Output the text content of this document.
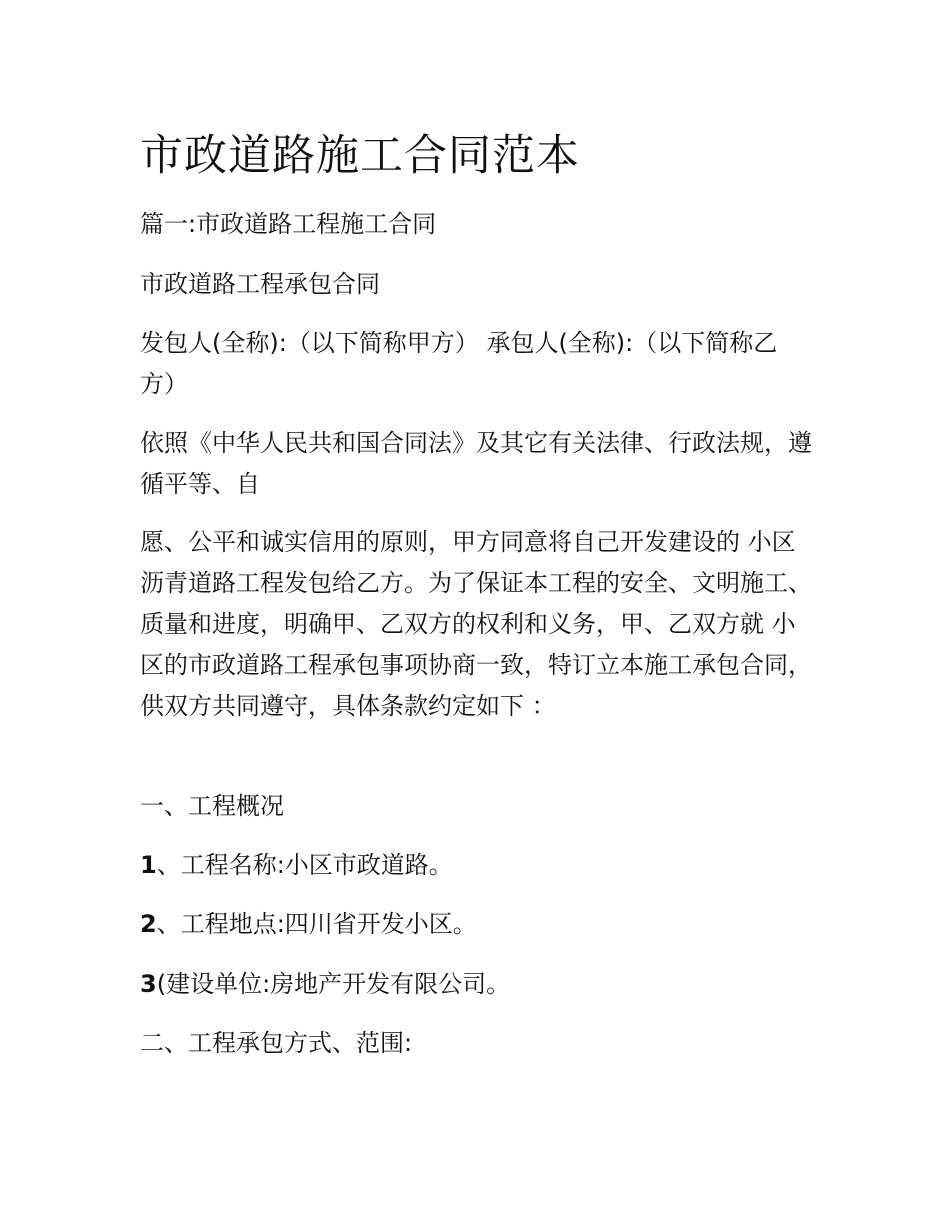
市政道路施工合同范本

篇一:市政道路工程施工合同

市政道路工程承包合同

发包人(全称):（以下简称甲方） 承包人(全称):（以下简称乙方）

依照《中华人民共和国合同法》及其它有关法律、行政法规，遵循平等、自

愿、公平和诚实信用的原则，甲方同意将自己开发建设的 小区沥青道路工程发包给乙方。为了保证本工程的安全、文明施工、质量和进度，明确甲、乙双方的权利和义务，甲、乙双方就 小区的市政道路工程承包事项协商一致，特订立本施工承包合同，供双方共同遵守，具体条款约定如下 ：

一、工程概况

1、工程名称:小区市政道路。

2、工程地点:四川省开发小区。

3(建设单位:房地产开发有限公司。

二、工程承包方式、范围:
